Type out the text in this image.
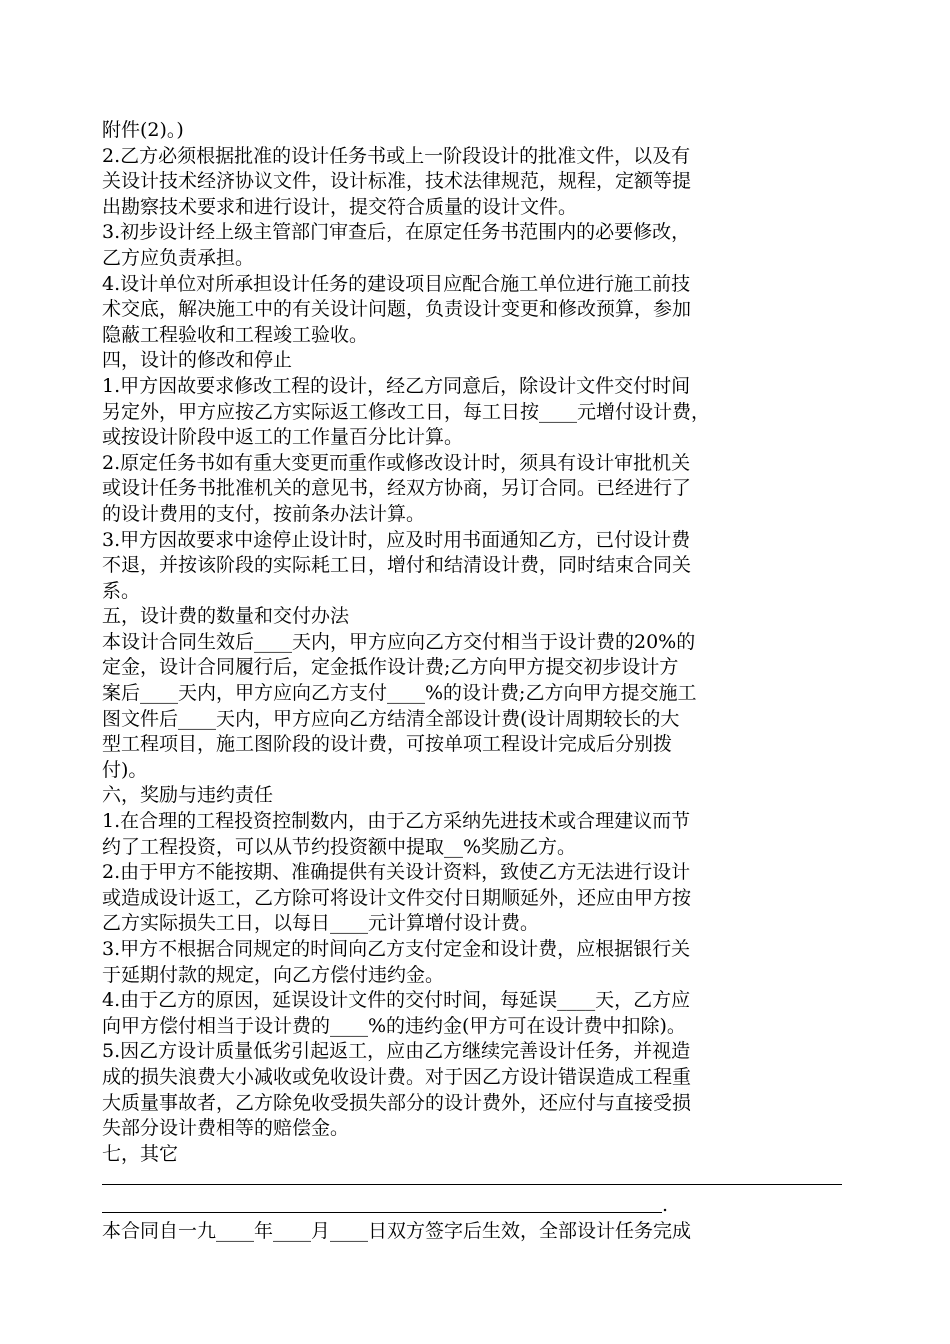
附件(2)。)
2.乙方必须根据批准的设计任务书或上一阶段设计的批准文件，以及有
关设计技术经济协议文件，设计标准，技术法律规范，规程，定额等提
出勘察技术要求和进行设计，提交符合质量的设计文件。
3.初步设计经上级主管部门审查后，在原定任务书范围内的必要修改，
乙方应负责承担。
4.设计单位对所承担设计任务的建设项目应配合施工单位进行施工前技
术交底，解决施工中的有关设计问题，负责设计变更和修改预算，参加
隐蔽工程验收和工程竣工验收。
四，设计的修改和停止
1.甲方因故要求修改工程的设计，经乙方同意后，除设计文件交付时间
另定外，甲方应按乙方实际返工修改工日，每工日按____元增付设计费，
或按设计阶段中返工的工作量百分比计算。
2.原定任务书如有重大变更而重作或修改设计时，须具有设计审批机关
或设计任务书批准机关的意见书，经双方协商，另订合同。已经进行了
的设计费用的支付，按前条办法计算。
3.甲方因故要求中途停止设计时，应及时用书面通知乙方，已付设计费
不退，并按该阶段的实际耗工日，增付和结清设计费，同时结束合同关
系。
五，设计费的数量和交付办法
本设计合同生效后____天内，甲方应向乙方交付相当于设计费的20%的
定金，设计合同履行后，定金抵作设计费;乙方向甲方提交初步设计方
案后____天内，甲方应向乙方支付____%的设计费;乙方向甲方提交施工
图文件后____天内，甲方应向乙方结清全部设计费(设计周期较长的大
型工程项目，施工图阶段的设计费，可按单项工程设计完成后分别拨
付)。
六，奖励与违约责任
1.在合理的工程投资控制数内，由于乙方采纳先进技术或合理建议而节
约了工程投资，可以从节约投资额中提取__%奖励乙方。
2.由于甲方不能按期、准确提供有关设计资料，致使乙方无法进行设计
或造成设计返工，乙方除可将设计文件交付日期顺延外，还应由甲方按
乙方实际损失工日，以每日____元计算增付设计费。
3.甲方不根据合同规定的时间向乙方支付定金和设计费，应根据银行关
于延期付款的规定，向乙方偿付违约金。
4.由于乙方的原因，延误设计文件的交付时间，每延误____天，乙方应
向甲方偿付相当于设计费的____%的违约金(甲方可在设计费中扣除)。
5.因乙方设计质量低劣引起返工，应由乙方继续完善设计任务，并视造
成的损失浪费大小减收或免收设计费。对于因乙方设计错误造成工程重
大质量事故者，乙方除免收受损失部分的设计费外，还应付与直接受损
失部分设计费相等的赔偿金。
七，其它
.
本合同自一九____年____月____日双方签字后生效，全部设计任务完成
